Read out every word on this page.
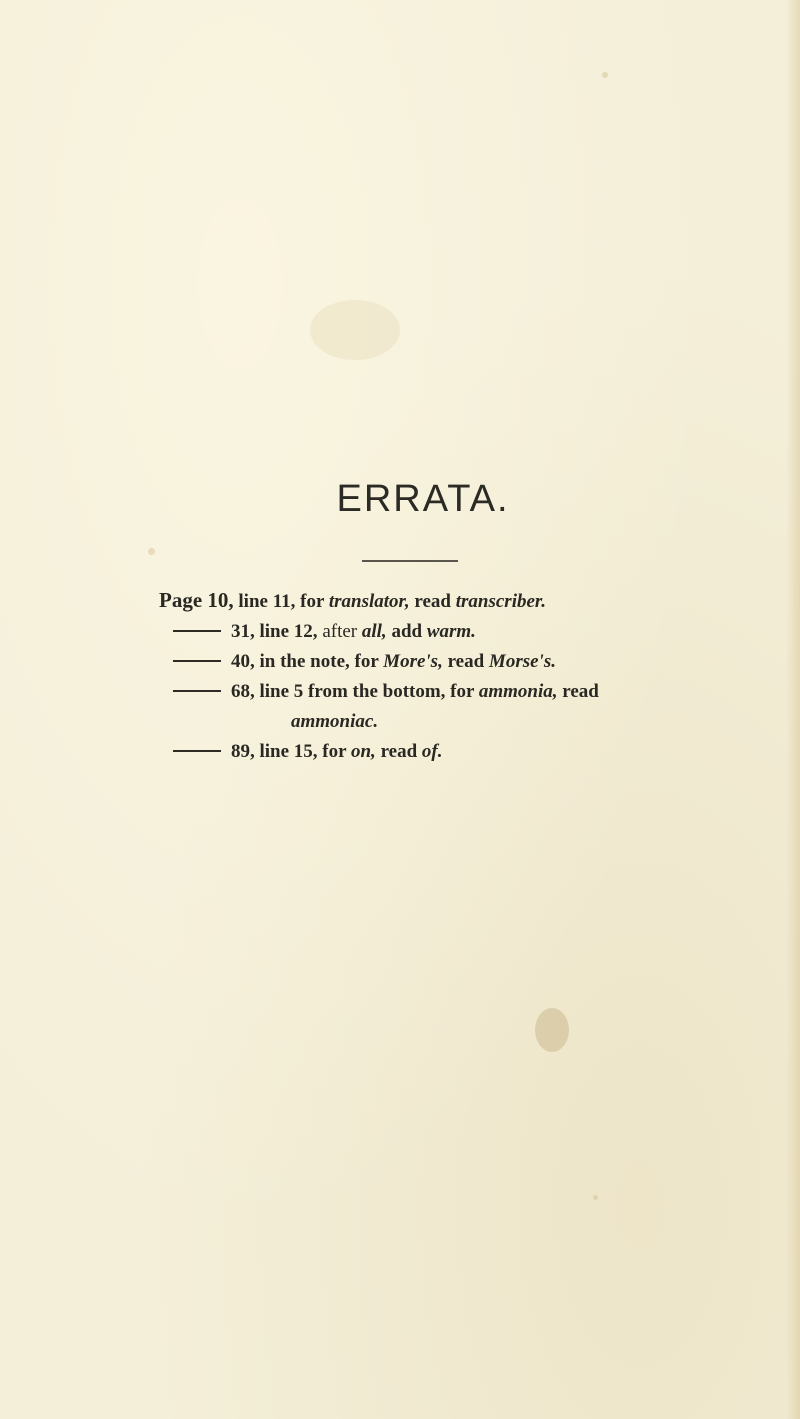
ERRATA.
Page 10, line 11, for translator, read transcriber.
31, line 12, after all, add warm.
40, in the note, for More's, read Morse's.
68, line 5 from the bottom, for ammonia, read
ammoniac.
89, line 15, for on, read of.
